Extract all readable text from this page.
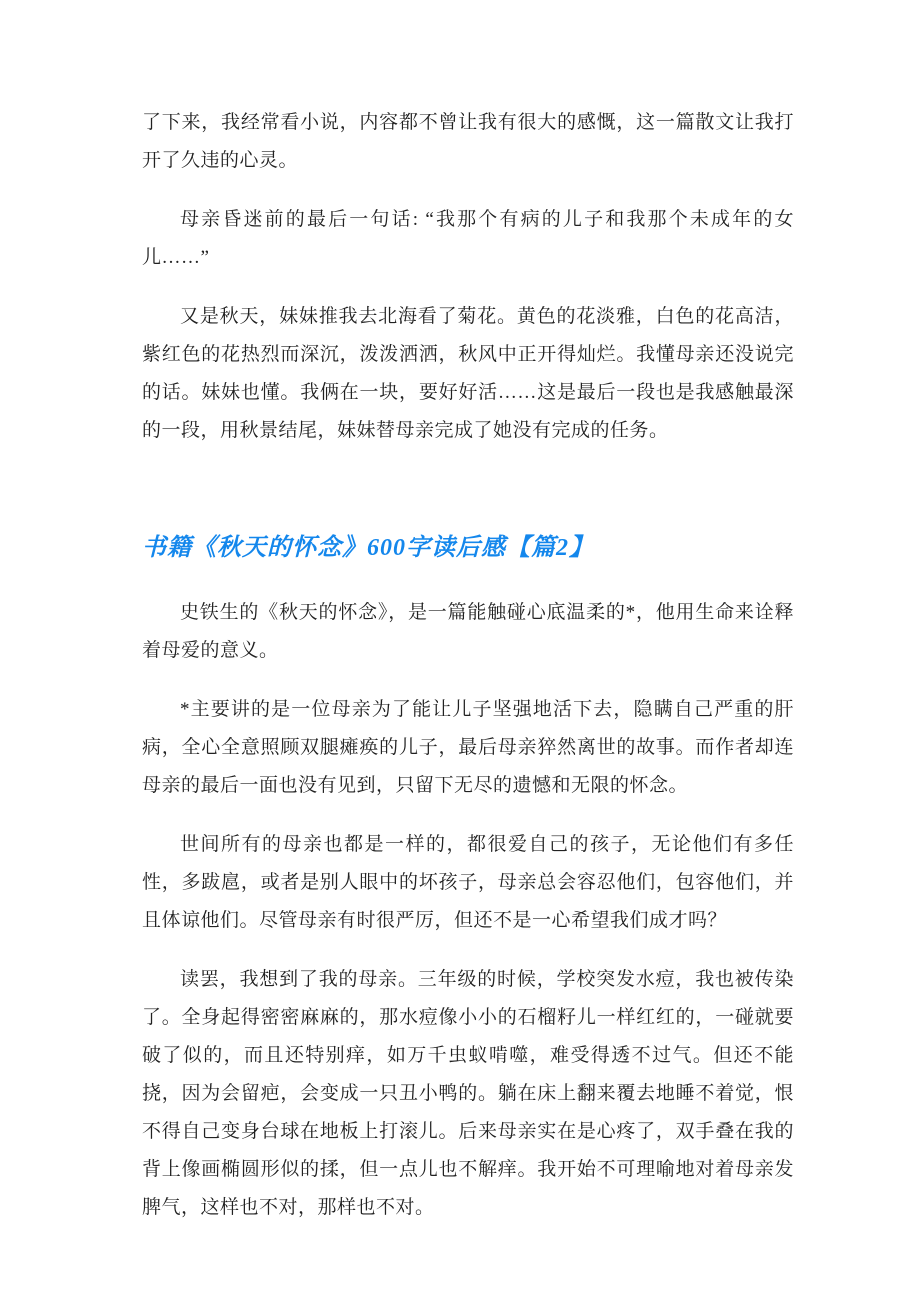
了下来，我经常看小说，内容都不曾让我有很大的感慨，这一篇散文让我打开了久违的心灵。

母亲昏迷前的最后一句话: “我那个有病的儿子和我那个未成年的女儿……”

又是秋天，妹妹推我去北海看了菊花。黄色的花淡雅，白色的花高洁，紫红色的花热烈而深沉，泼泼洒洒，秋风中正开得灿烂。我懂母亲还没说完的话。妹妹也懂。我俩在一块，要好好活……这是最后一段也是我感触最深的一段，用秋景结尾，妹妹替母亲完成了她没有完成的任务。

书籍《秋天的怀念》600字读后感【篇2】

史铁生的《秋天的怀念》，是一篇能触碰心底温柔的*，他用生命来诠释着母爱的意义。

*主要讲的是一位母亲为了能让儿子坚强地活下去，隐瞒自己严重的肝病，全心全意照顾双腿瘫痪的儿子，最后母亲猝然离世的故事。而作者却连母亲的最后一面也没有见到，只留下无尽的遗憾和无限的怀念。

世间所有的母亲也都是一样的，都很爱自己的孩子，无论他们有多任性，多跋扈，或者是别人眼中的坏孩子，母亲总会容忍他们，包容他们，并且体谅他们。尽管母亲有时很严厉，但还不是一心希望我们成才吗？

读罢，我想到了我的母亲。三年级的时候，学校突发水痘，我也被传染了。全身起得密密麻麻的，那水痘像小小的石榴籽儿一样红红的，一碰就要破了似的，而且还特别痒，如万千虫蚁啃噬，难受得透不过气。但还不能挠，因为会留疤，会变成一只丑小鸭的。躺在床上翻来覆去地睡不着觉，恨不得自己变身台球在地板上打滚儿。后来母亲实在是心疼了，双手叠在我的背上像画椭圆形似的揉，但一点儿也不解痒。我开始不可理喻地对着母亲发脾气，这样也不对，那样也不对。
